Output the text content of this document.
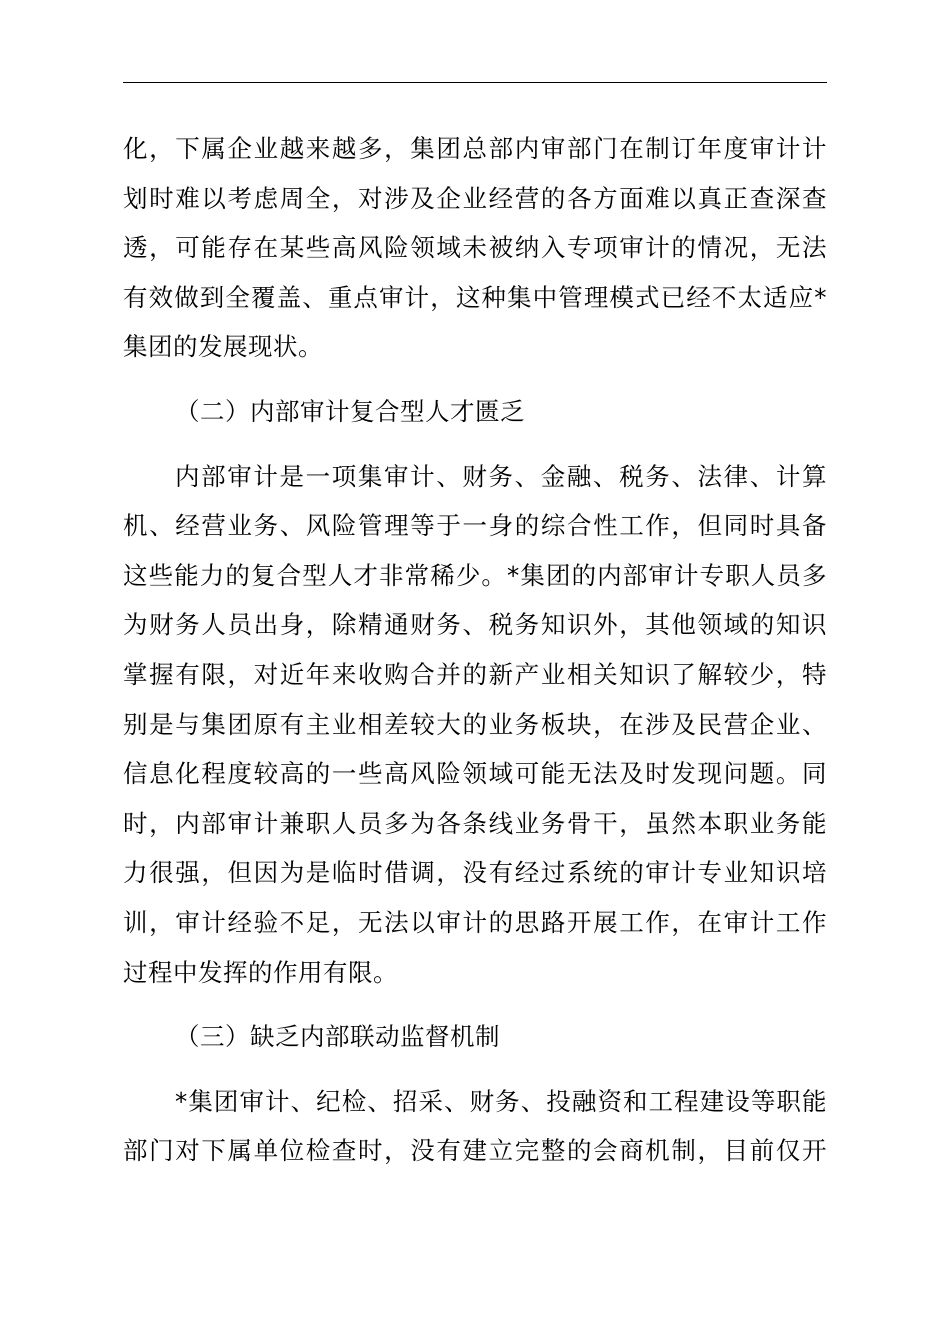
化，下属企业越来越多，集团总部内审部门在制订年度审计计
划时难以考虑周全，对涉及企业经营的各方面难以真正查深查
透，可能存在某些高风险领域未被纳入专项审计的情况，无法
有效做到全覆盖、重点审计，这种集中管理模式已经不太适应*
集团的发展现状。
（二）内部审计复合型人才匮乏
内部审计是一项集审计、财务、金融、税务、法律、计算
机、经营业务、风险管理等于一身的综合性工作，但同时具备
这些能力的复合型人才非常稀少。*集团的内部审计专职人员多
为财务人员出身，除精通财务、税务知识外，其他领域的知识
掌握有限，对近年来收购合并的新产业相关知识了解较少，特
别是与集团原有主业相差较大的业务板块，在涉及民营企业、
信息化程度较高的一些高风险领域可能无法及时发现问题。同
时，内部审计兼职人员多为各条线业务骨干，虽然本职业务能
力很强，但因为是临时借调，没有经过系统的审计专业知识培
训，审计经验不足，无法以审计的思路开展工作，在审计工作
过程中发挥的作用有限。
（三）缺乏内部联动监督机制
*集团审计、纪检、招采、财务、投融资和工程建设等职能
部门对下属单位检查时，没有建立完整的会商机制，目前仅开
